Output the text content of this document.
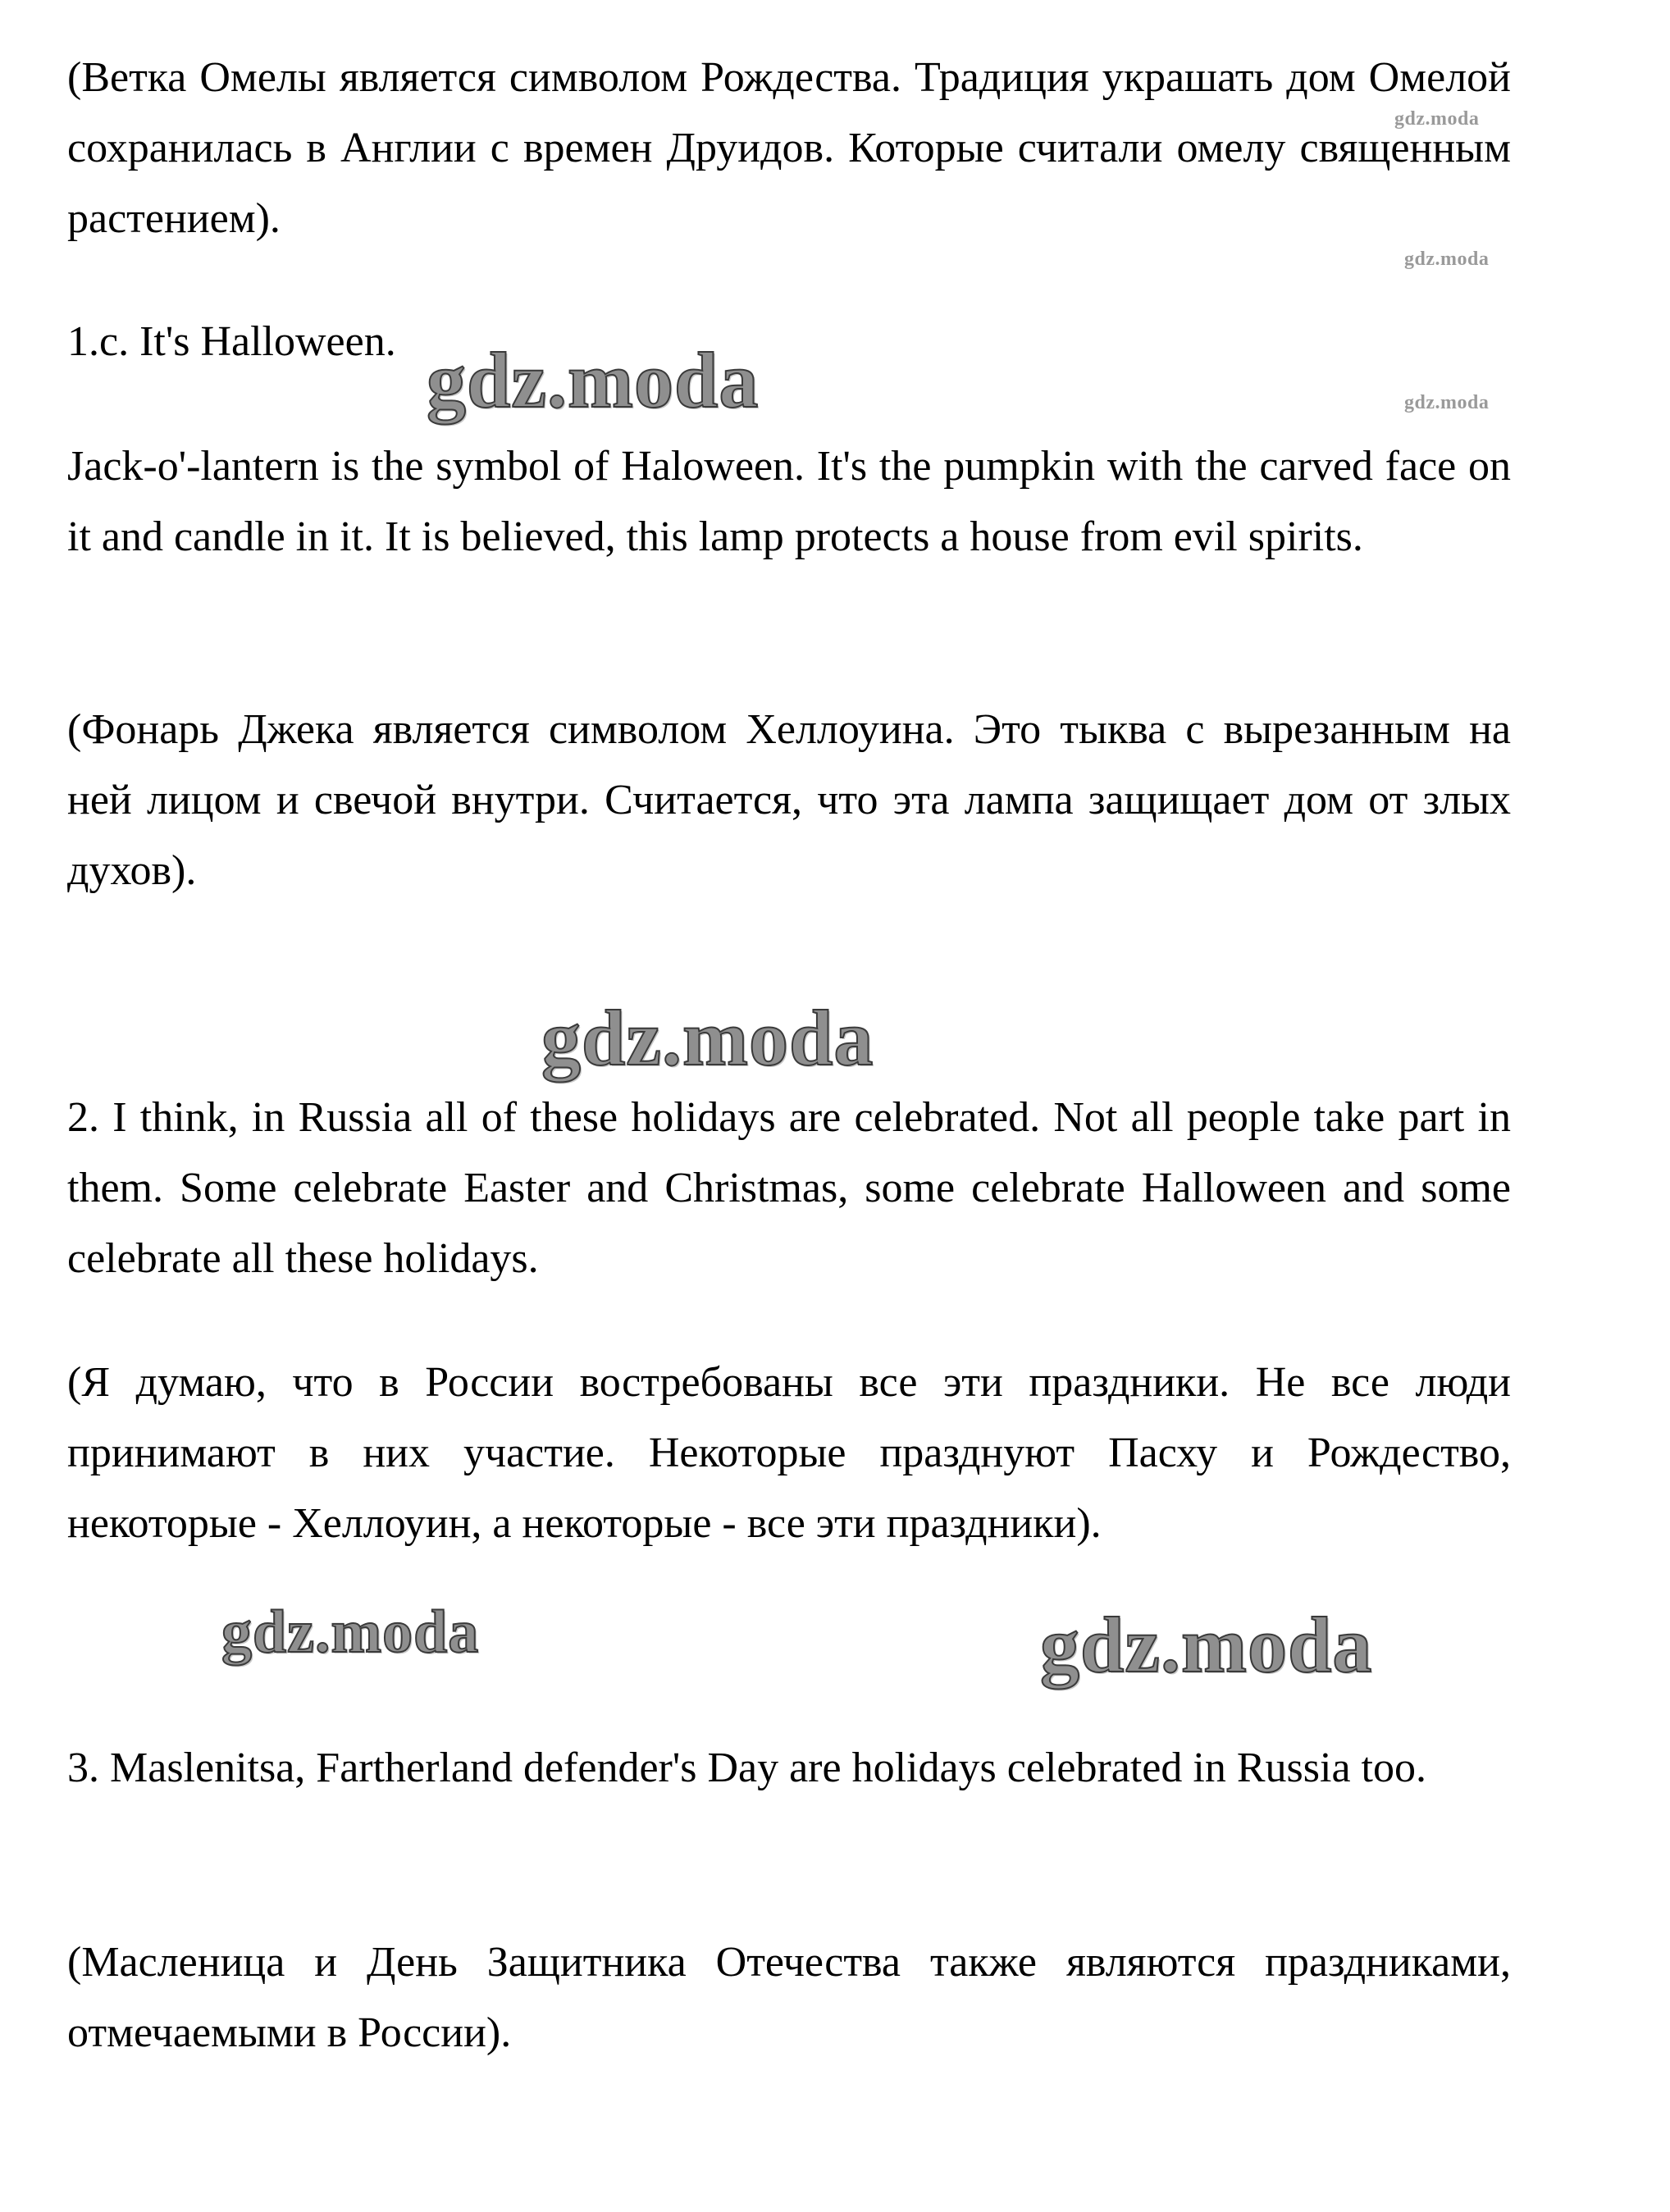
(Ветка Омелы является символом Рождества. Традиция украшать дом Омелой сохранилась в Англии с времен Друидов. Которые считали омелу священным растением).

gdz.moda
gdz.moda

1.c. It's Halloween. gdz.moda	gdz.moda

Jack-o'-lantern is the symbol of Haloween. It's the pumpkin with the carved face on it and candle in it. It is believed, this lamp protects a house from evil spirits.

(Фонарь Джека является символом Хеллоуина. Это тыква с вырезанным на ней лицом и свечой внутри. Считается, что эта лампа защищает дом от злых духов).

gdz.moda

2. I think, in Russia all of these holidays are celebrated. Not all people take part in them. Some celebrate Easter and Christmas, some celebrate Halloween and some celebrate all these holidays.

(Я думаю, что в России востребованы все эти праздники. Не все люди принимают в них участие. Некоторые празднуют Пасху и Рождество, некоторые - Хеллоуин, а некоторые - все эти праздники).

gdz.moda	gdz.moda

3. Maslenitsa, Fartherland defender's Day are holidays celebrated in Russia too.

(Масленица и День Защитника Отечества также являются праздниками, отмечаемыми в России).
